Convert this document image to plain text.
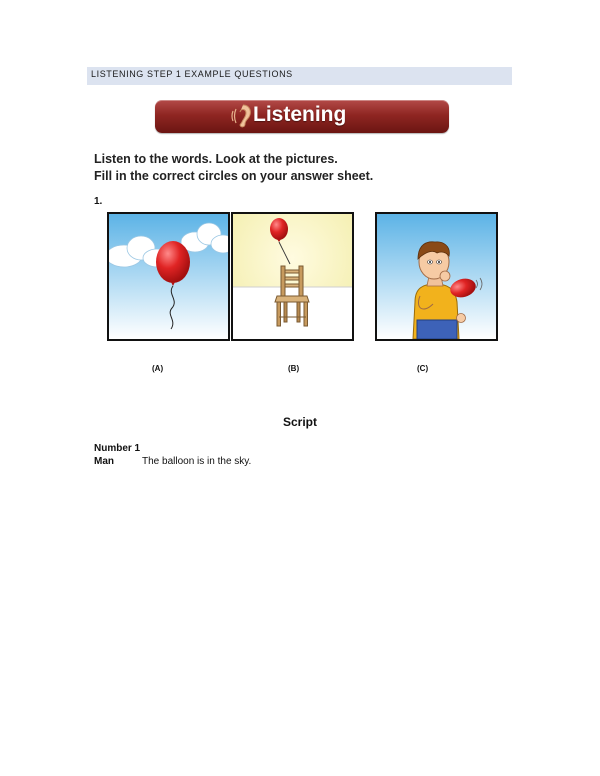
LISTENING STEP 1 EXAMPLE QUESTIONS
Listening
Listen to the words. Look at the pictures.
Fill in the correct circles on your answer sheet.
1.
(A)	(B)	(C)
Script
Number 1
Man	The balloon is in the sky.
